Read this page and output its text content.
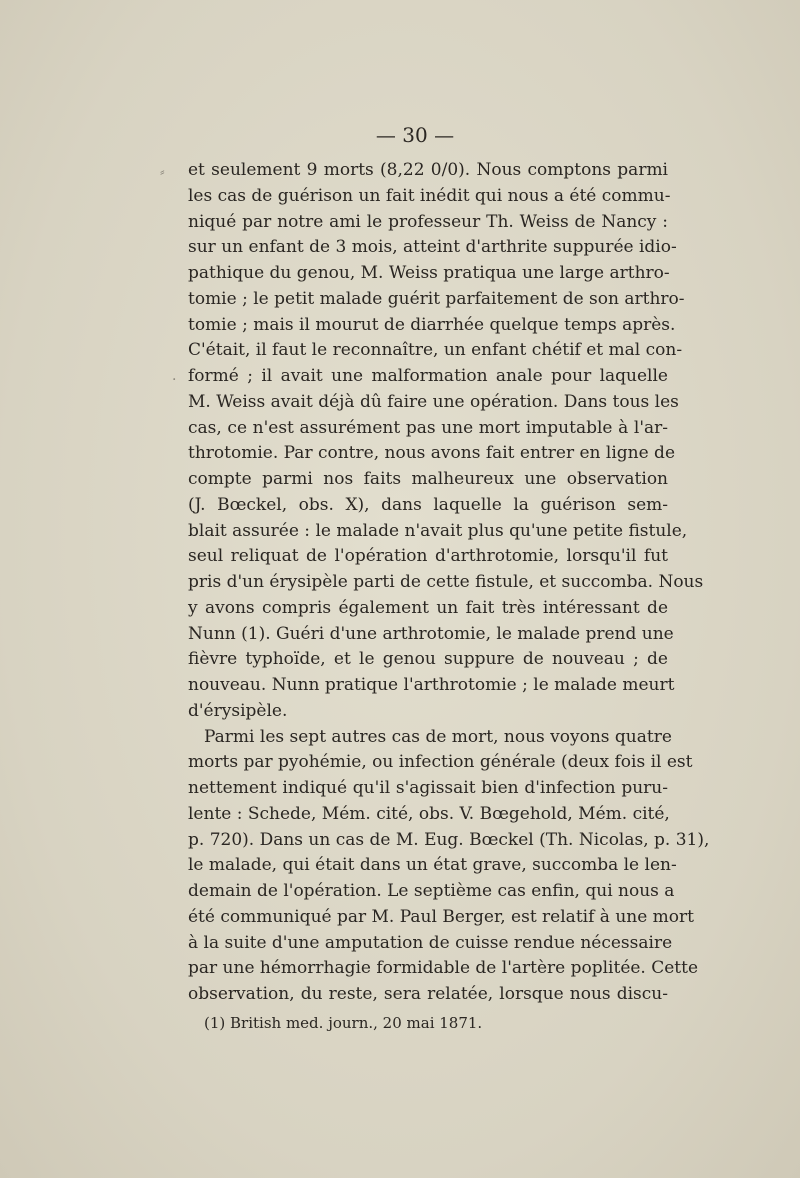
— 30 —
⸗
·
et seulement 9 morts (8,22 0/0). Nous comptons parmi
les cas de guérison un fait inédit qui nous a été commu-
niqué par notre ami le professeur Th. Weiss de Nancy :
sur un enfant de 3 mois, atteint d'arthrite suppurée idio-
pathique du genou, M. Weiss pratiqua une large arthro-
tomie ; le petit malade guérit parfaitement de son arthro-
tomie ; mais il mourut de diarrhée quelque temps après.
C'était, il faut le reconnaître, un enfant chétif et mal con-
formé ; il avait une malformation anale pour laquelle
M. Weiss avait déjà dû faire une opération. Dans tous les
cas, ce n'est assurément pas une mort imputable à l'ar-
throtomie. Par contre, nous avons fait entrer en ligne de
compte parmi nos faits malheureux une observation
(J. Bœckel, obs. X), dans laquelle la guérison sem-
blait assurée : le malade n'avait plus qu'une petite fistule,
seul reliquat de l'opération d'arthrotomie, lorsqu'il fut
pris d'un érysipèle parti de cette fistule, et succomba. Nous
y avons compris également un fait très intéressant de
Nunn (1). Guéri d'une arthrotomie, le malade prend une
fièvre typhoïde, et le genou suppure de nouveau ; de
nouveau. Nunn pratique l'arthrotomie ; le malade meurt
d'érysipèle.
Parmi les sept autres cas de mort, nous voyons quatre
morts par pyohémie, ou infection générale (deux fois il est
nettement indiqué qu'il s'agissait bien d'infection puru-
lente : Schede, Mém. cité, obs. V. Bœgehold, Mém. cité,
p. 720). Dans un cas de M. Eug. Bœckel (Th. Nicolas, p. 31),
le malade, qui était dans un état grave, succomba le len-
demain de l'opération. Le septième cas enfin, qui nous a
été communiqué par M. Paul Berger, est relatif à une mort
à la suite d'une amputation de cuisse rendue nécessaire
par une hémorrhagie formidable de l'artère poplitée. Cette
observation, du reste, sera relatée, lorsque nous discu-
(1) British med. journ., 20 mai 1871.
